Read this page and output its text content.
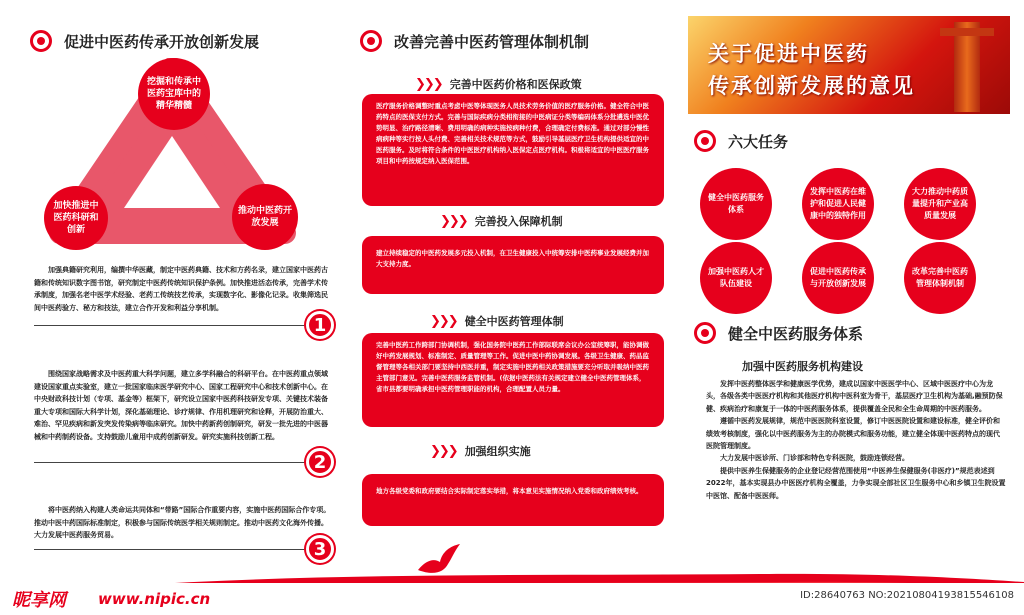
促进中医药传承开放创新发展
挖掘和传承中医药宝库中的精华精髓
加快推进中医药科研和创新
推动中医药开放发展

加强典籍研究利用，编撰中华医藏，制定中医药典籍、技术和方药名录，建立国家中医药古籍和传统知识数字图书馆，研究制定中医药传统知识保护条例。加快推进活态传承，完善学术传承制度，加强名老中医学术经验、老药工传统技艺传承，实现数字化、影像化记录。收集筛选民间中医药验方、秘方和技法，建立合作开发和利益分享机制。

1

围绕国家战略需求及中医药重大科学问题，建立多学科融合的科研平台。在中医药重点领域建设国家重点实验室，建立一批国家临床医学研究中心、国家工程研究中心和技术创新中心。在中央财政科技计划（专项、基金等）框架下，研究设立国家中医药科技研发专项、关键技术装备重大专项和国际大科学计划，深化基础理论、诊疗规律、作用机理研究和诠释，开展防治重大、难治、罕见疾病和新发突发传染病等临床研究。加快中药新药创制研究，研发一批先进的中医器械和中药制药设备。支持鼓励儿童用中成药创新研发。研究实施科技创新工程。

2

将中医药纳入构建人类命运共同体和“带路”国际合作重要内容，实施中医药国际合作专项。推动中医中药国际标准制定，积极参与国际传统医学相关规则制定。推动中医药文化海外传播。大力发展中医药服务贸易。

3
改善完善中医药管理体制机制
❯❯❯ 完善中医药价格和医保政策
医疗服务价格调整时重点考虑中医等体现医务人员技术劳务价值的医疗服务价格。健全符合中医药特点的医保支付方式。完善与国际疾病分类相衔接的中医病证分类等编码体系分批遴选中医优势明显、治疗路径清晰、费用明确的病种实施按病种付费，合理确定付费标准。通过对部分慢性病病种等实行按人头付费、完善相关技术规范等方式，鼓励引导基层医疗卫生机构提供适宜的中医药服务。及时将符合条件的中医医疗机构纳入医保定点医疗机构。积极将适宜的中医医疗服务项目和中药按规定纳入医保范围。
❯❯❯ 完善投入保障机制
建立持续稳定的中医药发展多元投入机制，在卫生健康投入中统筹安排中医药事业发展经费并加大支持力度。
❯❯❯ 健全中医药管理体制
完善中医药工作跨部门协调机制，强化国务院中医药工作部际联席会议办公室统筹职，能协调做好中药发展规划、标准制定、质量管理等工作。促进中医中药协调发展。各级卫生健康、药品监督管理等各相关部门要坚持中西医并重，制定实施中医药相关政策措施要充分听取并吸纳中医药主管部门意见。完善中医药服务监管机制。(依据中医药法有关规定建立健全中医药管理体系，省市县都要明确承担中医药管理职能的机构，合理配置人员力量。
❯❯❯ 加强组织实施
地方各级党委和政府要结合实际制定落实举措，将本意见实施情况纳入党委和政府绩效考核。
关于促进中医药
传承创新发展的意见
六大任务
健全中医药服务体系
发挥中医药在维护和促进人民健康中的独特作用
大力推动中药质量提升和产业高质量发展
加强中医药人才队伍建设
促进中医药传承与开放创新发展
改革完善中医药管理体制机制
健全中医药服务体系
加强中医药服务机构建设

发挥中医药整体医学和健康医学优势，建成以国家中医医学中心、区域中医医疗中心为龙头，各级各类中医医疗机构和其他医疗机构中医科室为骨干，基层医疗卫生机构为基础,融预防保健、疾病治疗和康复于一体的中医药服务体系，提供覆盖全民和全生命周期的中医药服务。

遵循中医药发展规律，规范中医医院科室设置，修订中医医院设置和建设标准，健全评价和绩效考核制度，强化以中医药服务为主的办院模式和服务功能，建立健全体现中医药特点的现代医院管理制度。

大力发展中医诊所、门诊部和特色专科医院，鼓励连锁经营。

提供中医养生保健服务的企业登记经营范围使用“中医养生保健服务(非医疗)”规范表述到2022年，基本实现县办中医医疗机构全覆盖，力争实现全部社区卫生服务中心和乡镇卫生院设置中医馆、配备中医医师。

昵享网 www.nipic.cn	ID:28640763 NO:20210804193815546108
